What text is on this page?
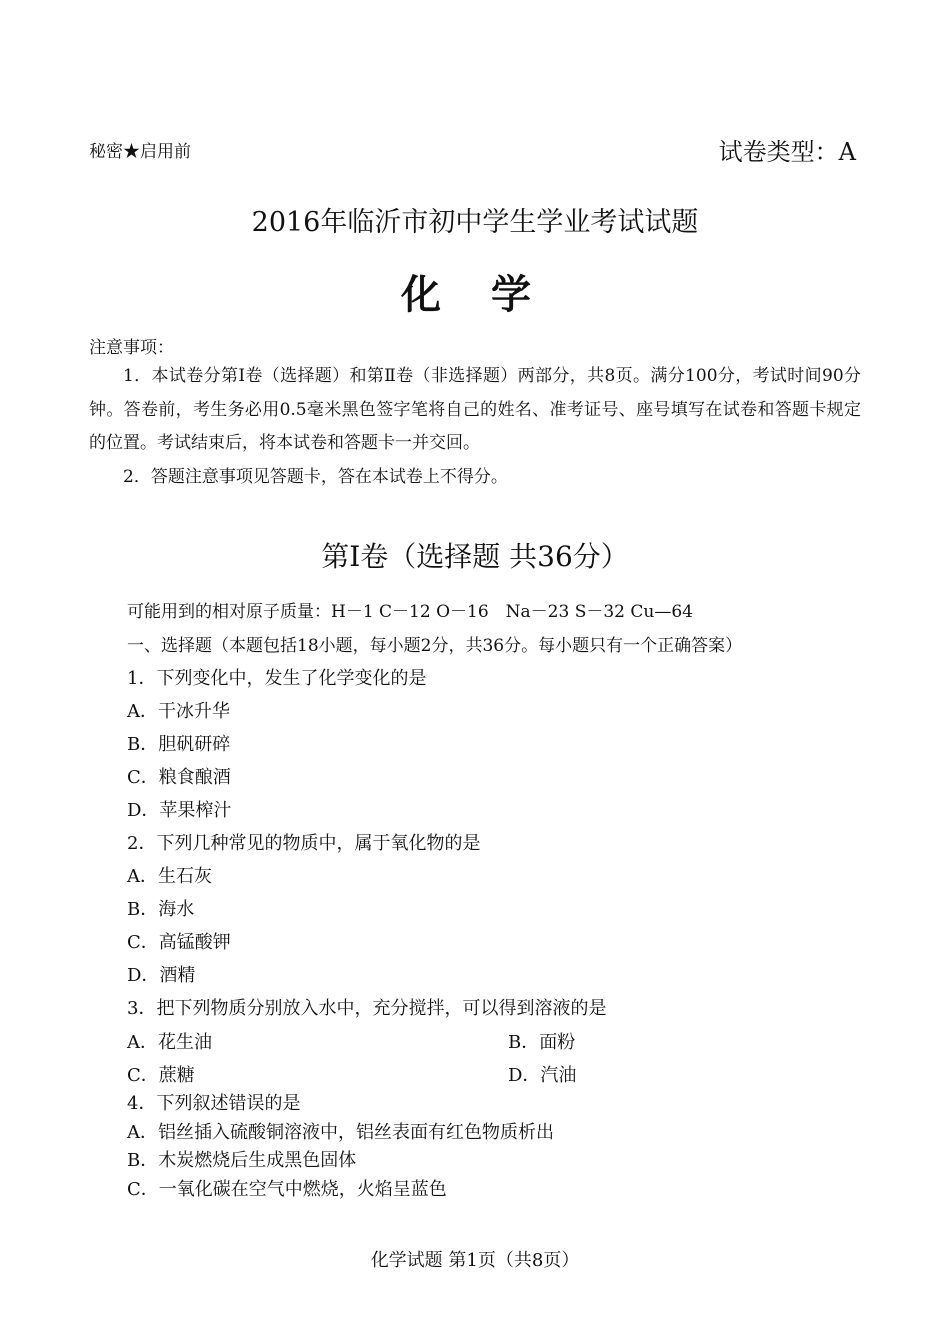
秘密★启用前	试卷类型：A
2016年临沂市初中学生学业考试试题
化 学
注意事项：
1．本试卷分第Ⅰ卷（选择题）和第Ⅱ卷（非选择题）两部分，共8页。满分100分，考试时间90分钟。答卷前，考生务必用0.5毫米黑色签字笔将自己的姓名、准考证号、座号填写在试卷和答题卡规定的位置。考试结束后，将本试卷和答题卡一并交回。
2．答题注意事项见答题卡，答在本试卷上不得分。
第Ⅰ卷（选择题 共36分）
可能用到的相对原子质量：H－1 C－12 O－16　Na－23 S－32 Cu—64
一、选择题（本题包括18小题，每小题2分，共36分。每小题只有一个正确答案）
1．下列变化中，发生了化学变化的是
A．干冰升华
B．胆矾研碎
C．粮食酿酒
D．苹果榨汁
2．下列几种常见的物质中，属于氧化物的是
A．生石灰
B．海水
C．高锰酸钾
D．酒精
3．把下列物质分别放入水中，充分搅拌，可以得到溶液的是
A．花生油	B．面粉
C．蔗糖	D．汽油
4．下列叙述错误的是
A．铝丝插入硫酸铜溶液中，铝丝表面有红色物质析出
B．木炭燃烧后生成黑色固体
C．一氧化碳在空气中燃烧，火焰呈蓝色
化学试题 第1页（共8页）
